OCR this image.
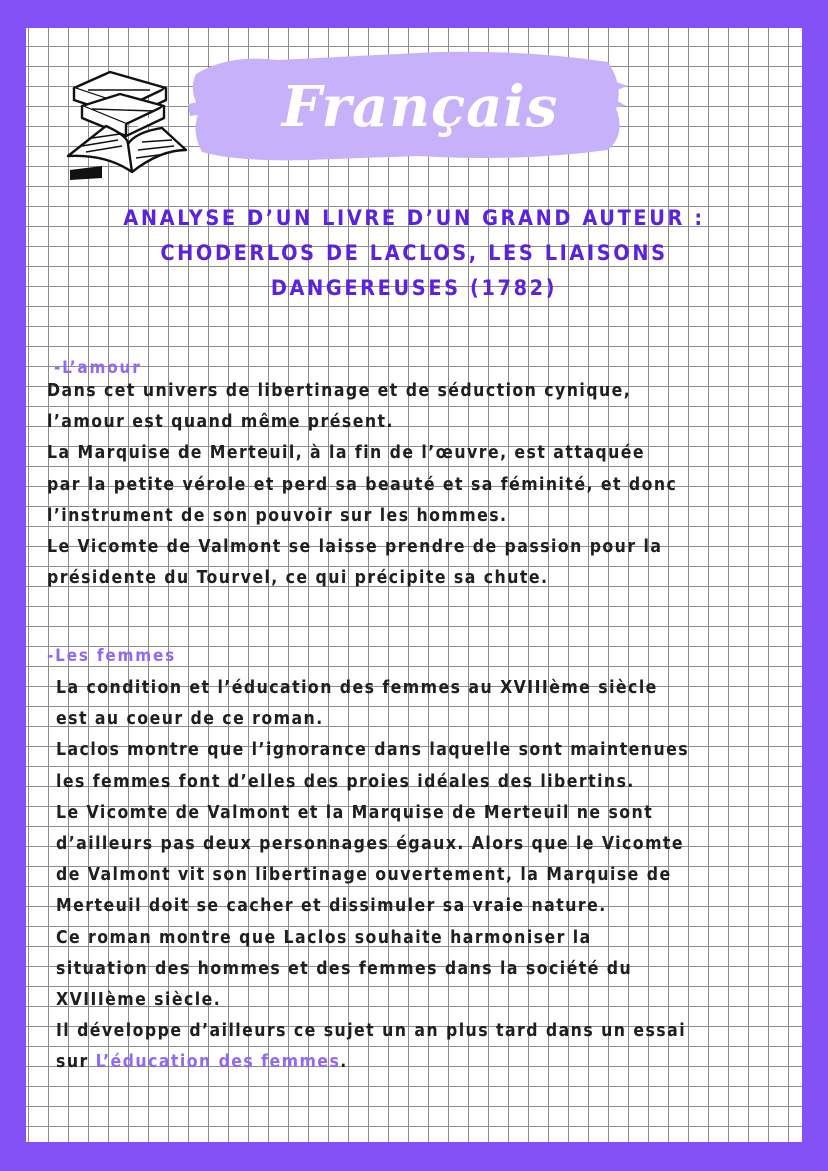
Français
ANALYSE D’UN LIVRE D’UN GRAND AUTEUR :
CHODERLOS DE LACLOS, LES LIAISONS
DANGEREUSES (1782)
-L’amour
Dans cet univers de libertinage et de séduction cynique,
l’amour est quand même présent.
La Marquise de Merteuil, à la fin de l’œuvre, est attaquée
par la petite vérole et perd sa beauté et sa féminité, et donc
l’instrument de son pouvoir sur les hommes.
Le Vicomte de Valmont se laisse prendre de passion pour la
présidente du Tourvel, ce qui précipite sa chute.
-Les femmes
La condition et l’éducation des femmes au XVIIIème siècle
est au coeur de ce roman.
Laclos montre que l’ignorance dans laquelle sont maintenues
les femmes font d’elles des proies idéales des libertins.
Le Vicomte de Valmont et la Marquise de Merteuil ne sont
d’ailleurs pas deux personnages égaux. Alors que le Vicomte
de Valmont vit son libertinage ouvertement, la Marquise de
Merteuil doit se cacher et dissimuler sa vraie nature.
Ce roman montre que Laclos souhaite harmoniser la
situation des hommes et des femmes dans la société du
XVIIIème siècle.
Il développe d’ailleurs ce sujet un an plus tard dans un essai
sur L’éducation des femmes.
